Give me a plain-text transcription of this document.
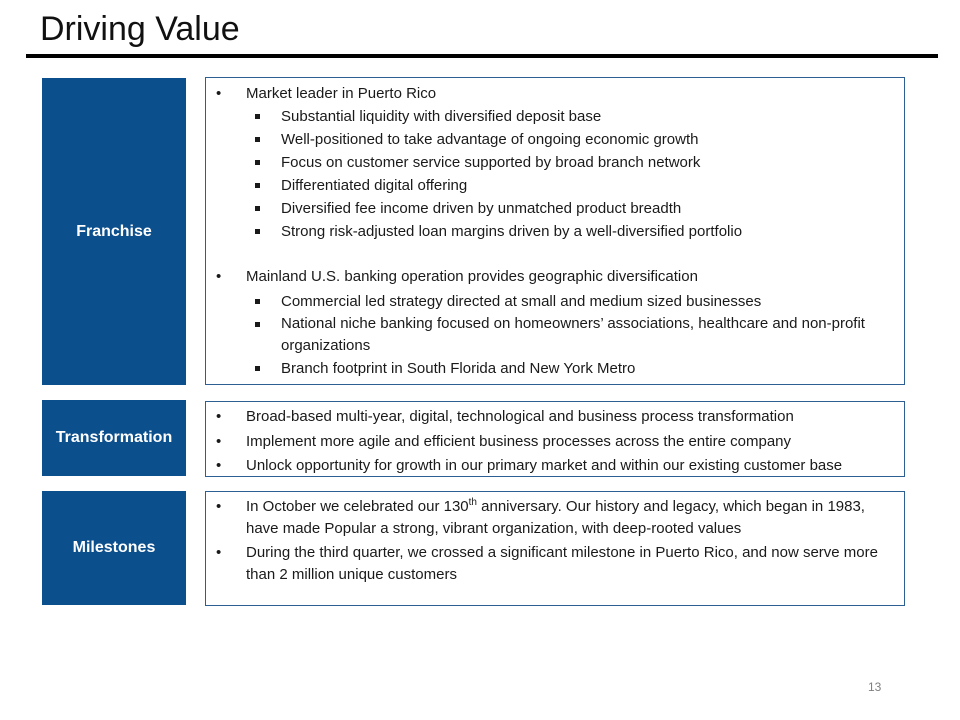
Driving Value
Franchise
• Market leader in Puerto Rico
Substantial liquidity with diversified deposit base
Well-positioned to take advantage of ongoing economic growth
Focus on customer service supported by broad branch network
Differentiated digital offering
Diversified fee income driven by unmatched product breadth
Strong risk-adjusted loan margins driven by a well-diversified portfolio
• Mainland U.S. banking operation provides geographic diversification
Commercial led strategy directed at small and medium sized businesses
National niche banking focused on homeowners’ associations, healthcare and non-profit organizations
Branch footprint in South Florida and New York Metro
Transformation
• Broad-based multi-year, digital, technological and business process transformation
• Implement more agile and efficient business processes across the entire company
• Unlock opportunity for growth in our primary market and within our existing customer base
Milestones
• In October we celebrated our 130th anniversary. Our history and legacy, which began in 1983, have made Popular a strong, vibrant organization, with deep-rooted values
• During the third quarter, we crossed a significant milestone in Puerto Rico, and now serve more than 2 million unique customers
13
